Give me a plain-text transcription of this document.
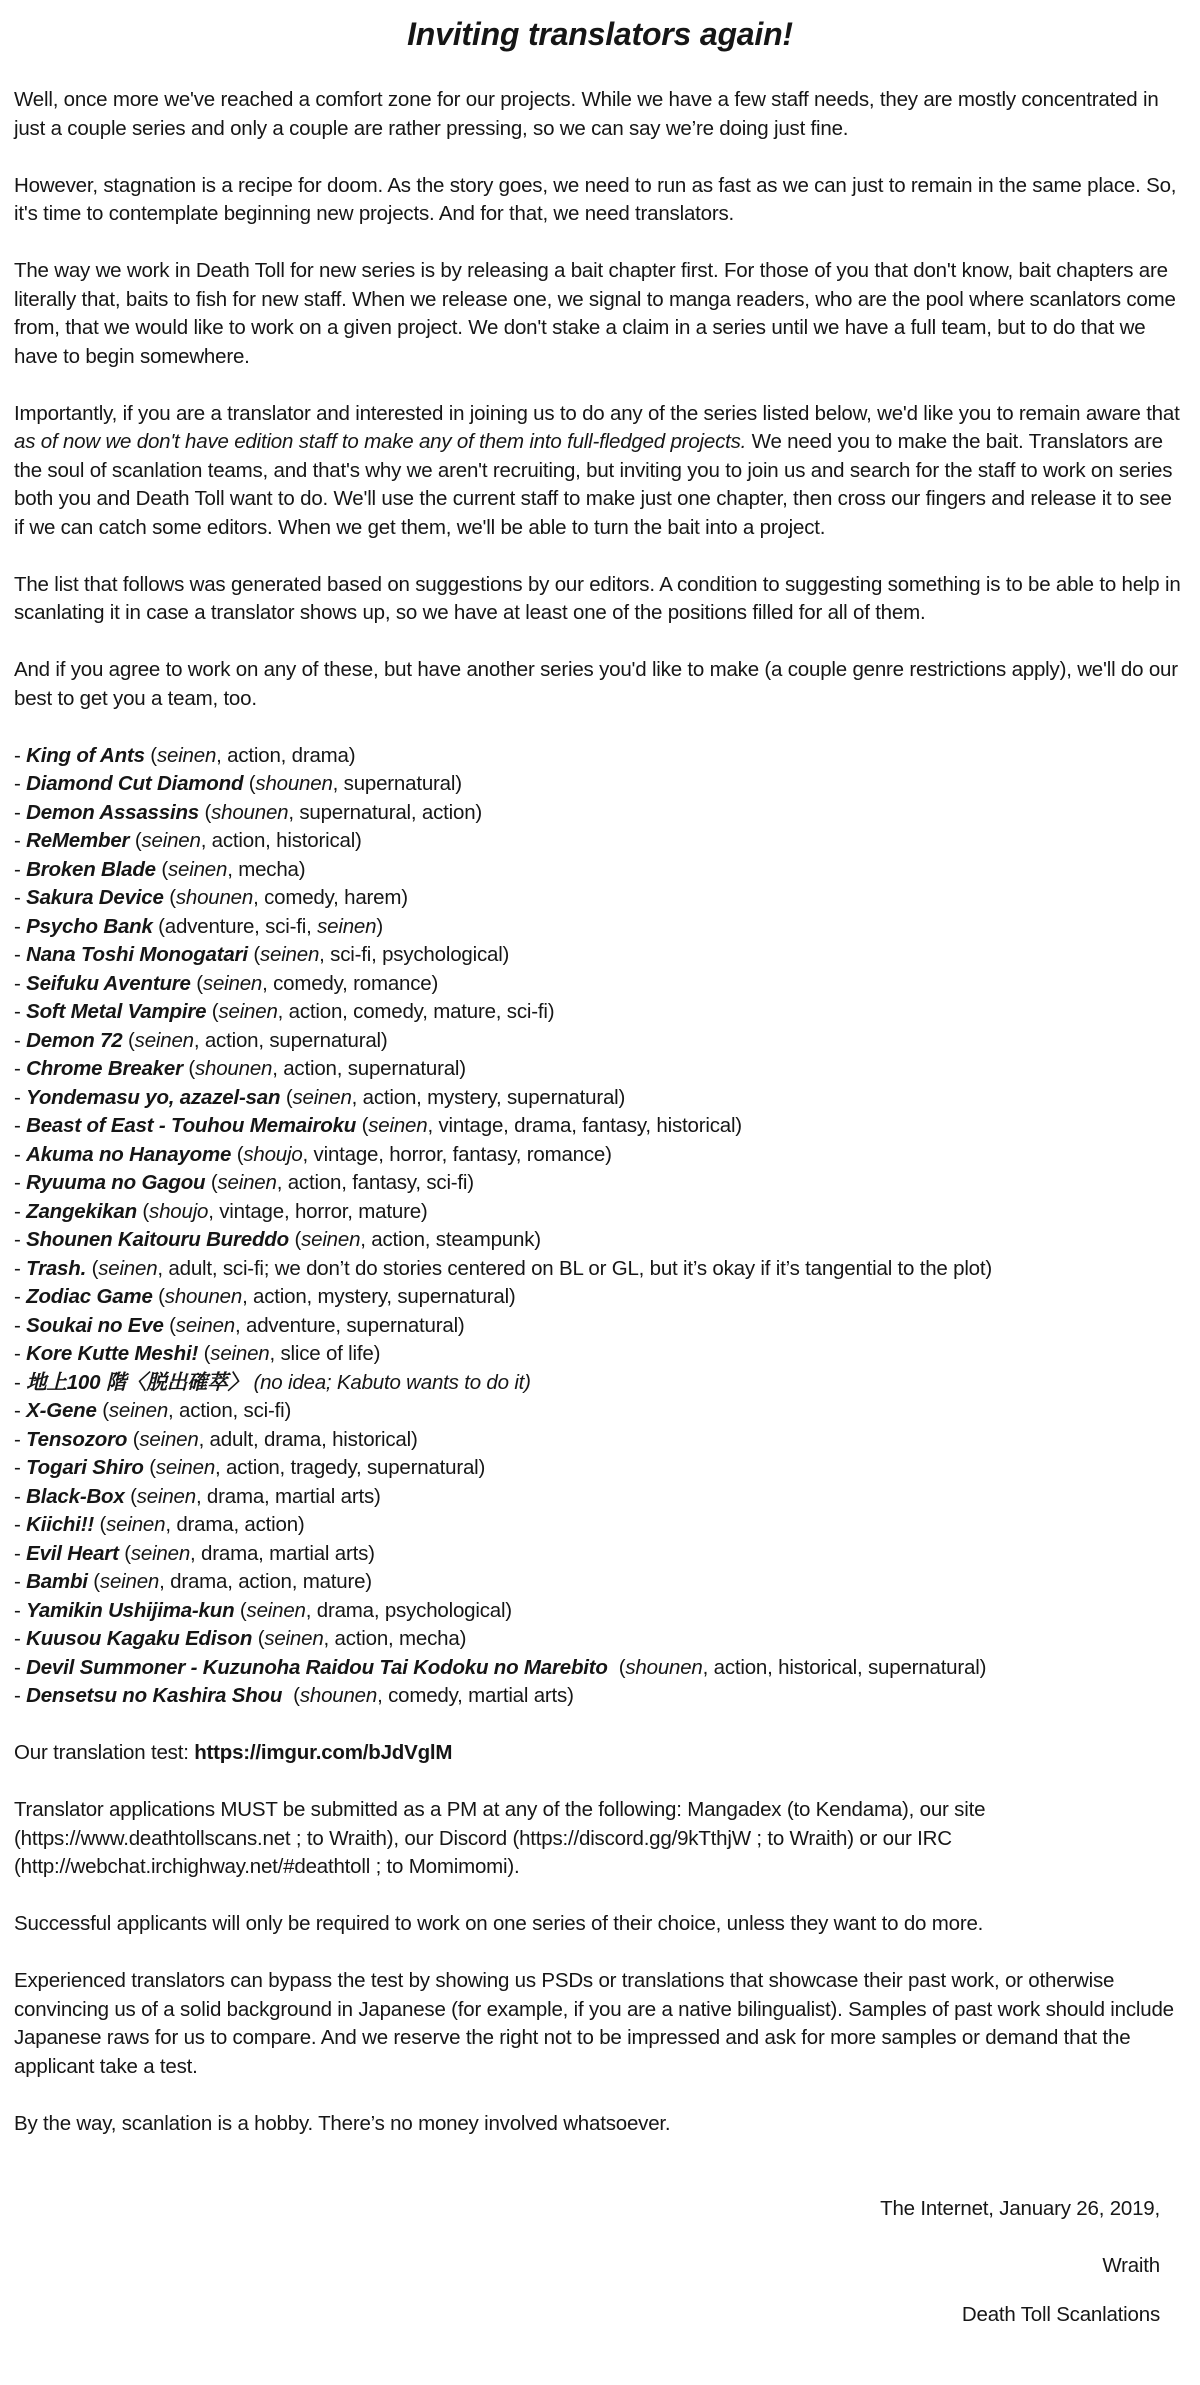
Inviting translators again!

Well, once more we've reached a comfort zone for our projects. While we have a few staff needs, they are mostly concentrated in just a couple series and only a couple are rather pressing, so we can say we’re doing just fine.

However, stagnation is a recipe for doom. As the story goes, we need to run as fast as we can just to remain in the same place. So, it's time to contemplate beginning new projects. And for that, we need translators.

The way we work in Death Toll for new series is by releasing a bait chapter first. For those of you that don't know, bait chapters are literally that, baits to fish for new staff. When we release one, we signal to manga readers, who are the pool where scanlators come from, that we would like to work on a given project. We don't stake a claim in a series until we have a full team, but to do that we have to begin somewhere.

Importantly, if you are a translator and interested in joining us to do any of the series listed below, we'd like you to remain aware that as of now we don't have edition staff to make any of them into full-fledged projects. We need you to make the bait. Translators are the soul of scanlation teams, and that's why we aren't recruiting, but inviting you to join us and search for the staff to work on series both you and Death Toll want to do. We'll use the current staff to make just one chapter, then cross our fingers and release it to see if we can catch some editors. When we get them, we'll be able to turn the bait into a project.

The list that follows was generated based on suggestions by our editors. A condition to suggesting something is to be able to help in scanlating it in case a translator shows up, so we have at least one of the positions filled for all of them.

And if you agree to work on any of these, but have another series you'd like to make (a couple genre restrictions apply), we'll do our best to get you a team, too.

- King of Ants (seinen, action, drama)
- Diamond Cut Diamond (shounen, supernatural)
- Demon Assassins (shounen, supernatural, action)
- ReMember (seinen, action, historical)
- Broken Blade (seinen, mecha)
- Sakura Device (shounen, comedy, harem)
- Psycho Bank (adventure, sci-fi, seinen)
- Nana Toshi Monogatari (seinen, sci-fi, psychological)
- Seifuku Aventure (seinen, comedy, romance)
- Soft Metal Vampire (seinen, action, comedy, mature, sci-fi)
- Demon 72 (seinen, action, supernatural)
- Chrome Breaker (shounen, action, supernatural)
- Yondemasu yo, azazel-san (seinen, action, mystery, supernatural)
- Beast of East - Touhou Memairoku (seinen, vintage, drama, fantasy, historical)
- Akuma no Hanayome (shoujo, vintage, horror, fantasy, romance)
- Ryuuma no Gagou (seinen, action, fantasy, sci-fi)
- Zangekikan (shoujo, vintage, horror, mature)
- Shounen Kaitouru Bureddo (seinen, action, steampunk)
- Trash. (seinen, adult, sci-fi; we don’t do stories centered on BL or GL, but it’s okay if it’s tangential to the plot)
- Zodiac Game (shounen, action, mystery, supernatural)
- Soukai no Eve (seinen, adventure, supernatural)
- Kore Kutte Meshi! (seinen, slice of life)
- 地上100 階〈脱出確萃〉 (no idea; Kabuto wants to do it)
- X-Gene (seinen, action, sci-fi)
- Tensozoro (seinen, adult, drama, historical)
- Togari Shiro (seinen, action, tragedy, supernatural)
- Black-Box (seinen, drama, martial arts)
- Kiichi!! (seinen, drama, action)
- Evil Heart (seinen, drama, martial arts)
- Bambi (seinen, drama, action, mature)
- Yamikin Ushijima-kun (seinen, drama, psychological)
- Kuusou Kagaku Edison (seinen, action, mecha)
- Devil Summoner - Kuzunoha Raidou Tai Kodoku no Marebito  (shounen, action, historical, supernatural)
- Densetsu no Kashira Shou  (shounen, comedy, martial arts)

Our translation test: https://imgur.com/bJdVglM

Translator applications MUST be submitted as a PM at any of the following: Mangadex (to Kendama), our site (https://www.deathtollscans.net ; to Wraith), our Discord (https://discord.gg/9kTthjW ; to Wraith) or our IRC (http://webchat.irchighway.net/#deathtoll ; to Momimomi).

Successful applicants will only be required to work on one series of their choice, unless they want to do more.

Experienced translators can bypass the test by showing us PSDs or translations that showcase their past work, or otherwise convincing us of a solid background in Japanese (for example, if you are a native bilingualist). Samples of past work should include Japanese raws for us to compare. And we reserve the right not to be impressed and ask for more samples or demand that the applicant take a test.

By the way, scanlation is a hobby. There’s no money involved whatsoever.

The Internet, January 26, 2019,

Wraith

Death Toll Scanlations
